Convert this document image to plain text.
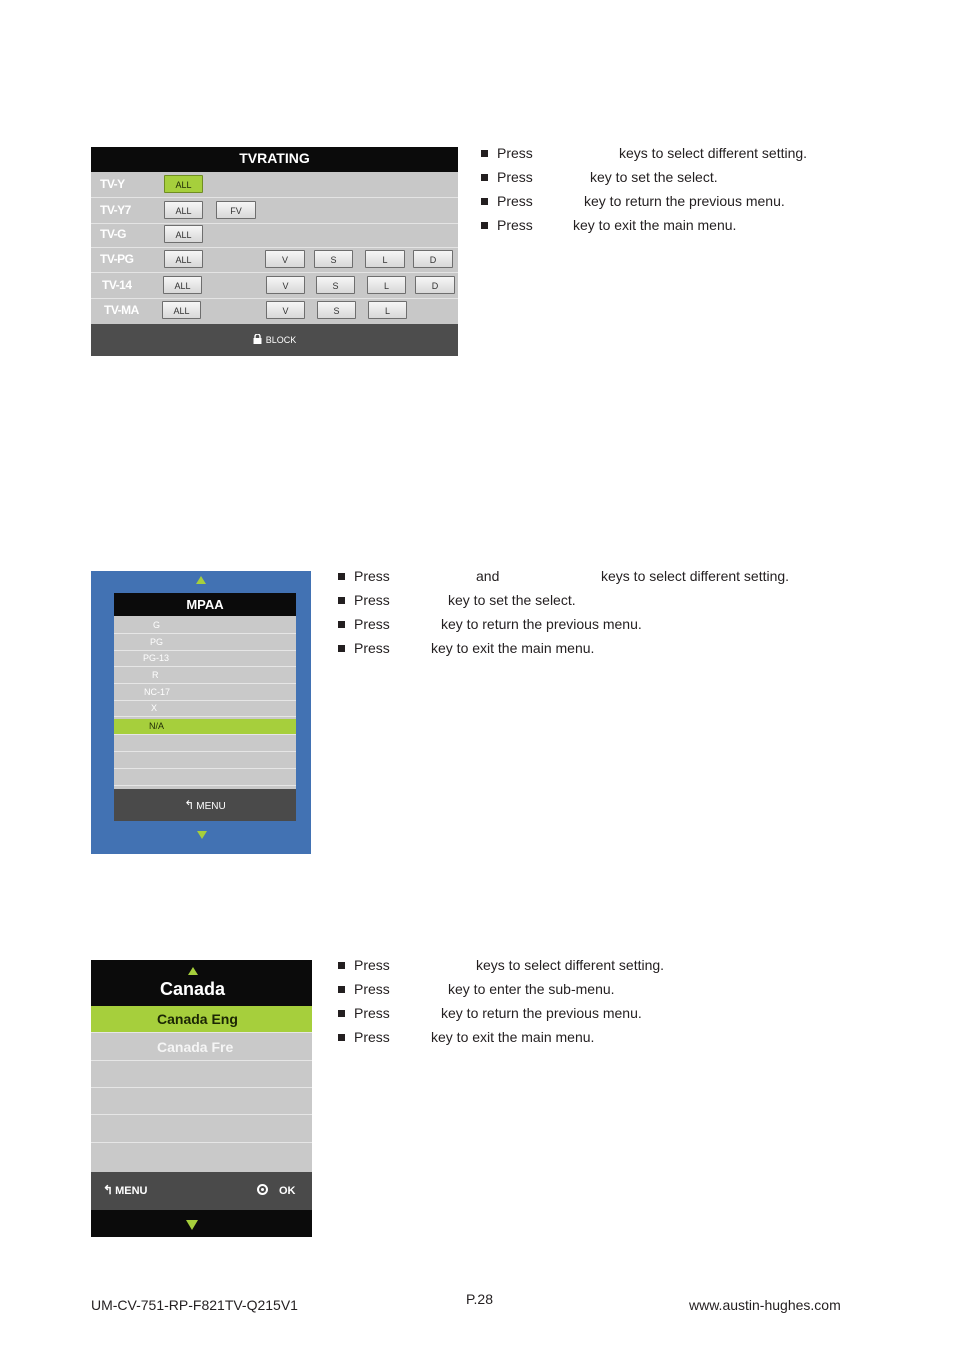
TVRATING
TV-Y	ALL
TV-Y7	ALL	FV
TV-G	ALL
TV-PG	ALL	V	S	L	D
TV-14	ALL	V	S	L	D
TV-MA	ALL	V	S	L
BLOCK
Press	keys to select different setting.
Press	key to set the select.
Press	key to return the previous menu.
Press	key to exit the main menu.
MPAA
G
PG
PG-13
R
NC-17
X
N/A
↰ MENU
Press	and	keys to select different setting.
Press	key to set the select.
Press	key to return the previous menu.
Press	key to exit the main menu.
Canada
Canada Eng
Canada Fre
↰ MENU	OK
Press	keys to select different setting.
Press	key to enter the sub-menu.
Press	key to return the previous menu.
Press	key to exit the main menu.
UM-CV-751-RP-F821TV-Q215V1	P.28	www.austin-hughes.com
